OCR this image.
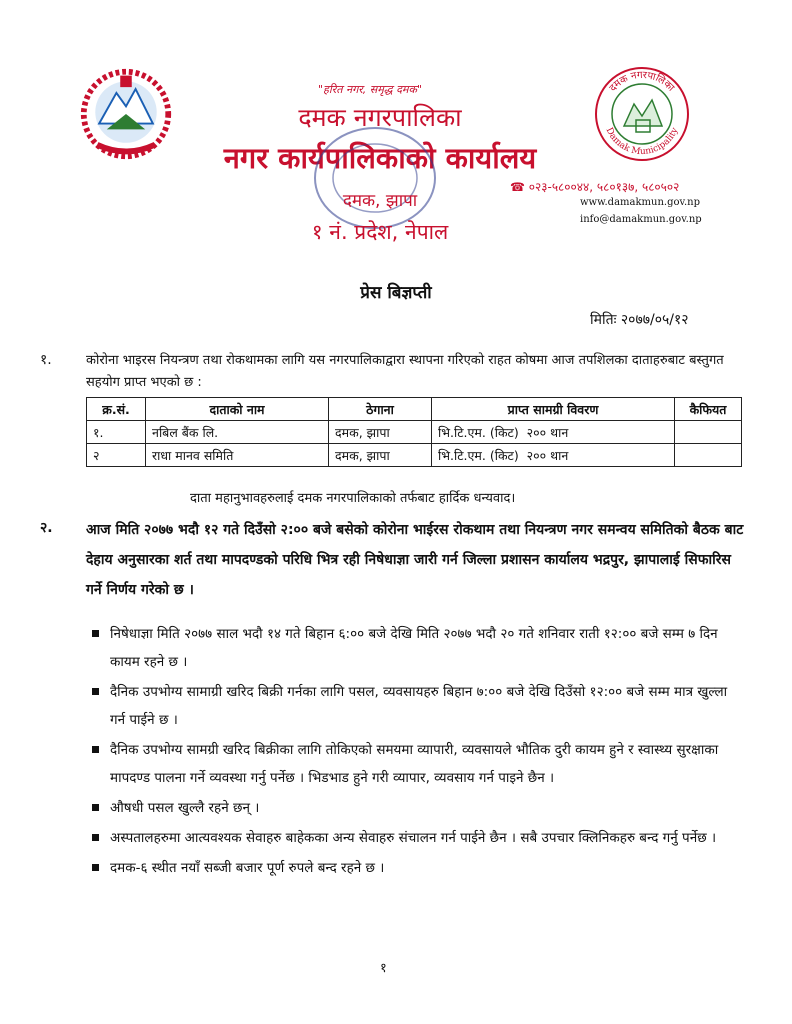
दमक नगरपालिका
Damak Municipality
"हरित नगर, समृद्ध दमक"
दमक नगरपालिका
नगर कार्यपालिकाको कार्यालय
दमक, झापा
१ नं. प्रदेश, नेपाल
☎ ०२३-५८००४४, ५८०१३७, ५८०५०२
www.damakmun.gov.np
info@damakmun.gov.np
प्रेस बिज्ञप्ती
मितिः २०७७/०५/१२
१.	कोरोना भाइरस नियन्त्रण तथा रोकथामका लागि यस नगरपालिकाद्वारा स्थापना गरिएको राहत कोषमा आज तपशिलका दाताहरुबाट बस्तुगत सहयोग प्राप्त भएको छ :
क्र.सं.	दाताको नाम	ठेगाना	प्राप्त सामग्री विवरण	कैफियत
१.	नबिल बैंक लि.	दमक, झापा	भि.टि.एम. (किट)  २०० थान	
२	राधा मानव समिति	दमक, झापा	भि.टि.एम. (किट)  २०० थान	
दाता महानुभावहरुलाई दमक नगरपालिकाको तर्फबाट हार्दिक धन्यवाद।
२. आज मिति २०७७ भदौ १२ गते दिउँसो २:०० बजे बसेको कोरोना भाईरस रोकथाम तथा नियन्त्रण नगर समन्वय समितिको बैठक बाट देहाय अनुसारका शर्त तथा मापदण्डको परिधि भित्र रही निषेधाज्ञा जारी गर्न जिल्ला प्रशासन कार्यालय भद्रपुर, झापालाई सिफारिस गर्ने निर्णय गरेको छ ।
निषेधाज्ञा मिति २०७७ साल भदौ १४ गते बिहान ६:०० बजे देखि मिति २०७७ भदौ २० गते शनिवार राती १२:०० बजे सम्म ७ दिन कायम रहने छ ।
दैनिक उपभोग्य सामाग्री खरिद बिक्री गर्नका लागि पसल, व्यवसायहरु बिहान ७:०० बजे देखि दिउँसो १२:०० बजे सम्म मात्र खुल्ला गर्न पाईने छ ।
दैनिक उपभोग्य सामग्री खरिद बिक्रीका लागि तोकिएको समयमा व्यापारी, व्यवसायले भौतिक दुरी कायम हुने र स्वास्थ्य सुरक्षाका मापदण्ड पालना गर्ने व्यवस्था गर्नु पर्नेछ । भिडभाड हुने गरी व्यापार, व्यवसाय गर्न पाइने छैन ।
औषधी पसल खुल्लै रहने छन् ।
अस्पतालहरुमा आत्यवश्यक सेवाहरु बाहेकका अन्य सेवाहरु संचालन गर्न पाईने छैन । सबै उपचार क्लिनिकहरु बन्द गर्नु पर्नेछ ।
दमक-६ स्थीत नयाँ सब्जी बजार पूर्ण रुपले बन्द रहने छ ।
१
